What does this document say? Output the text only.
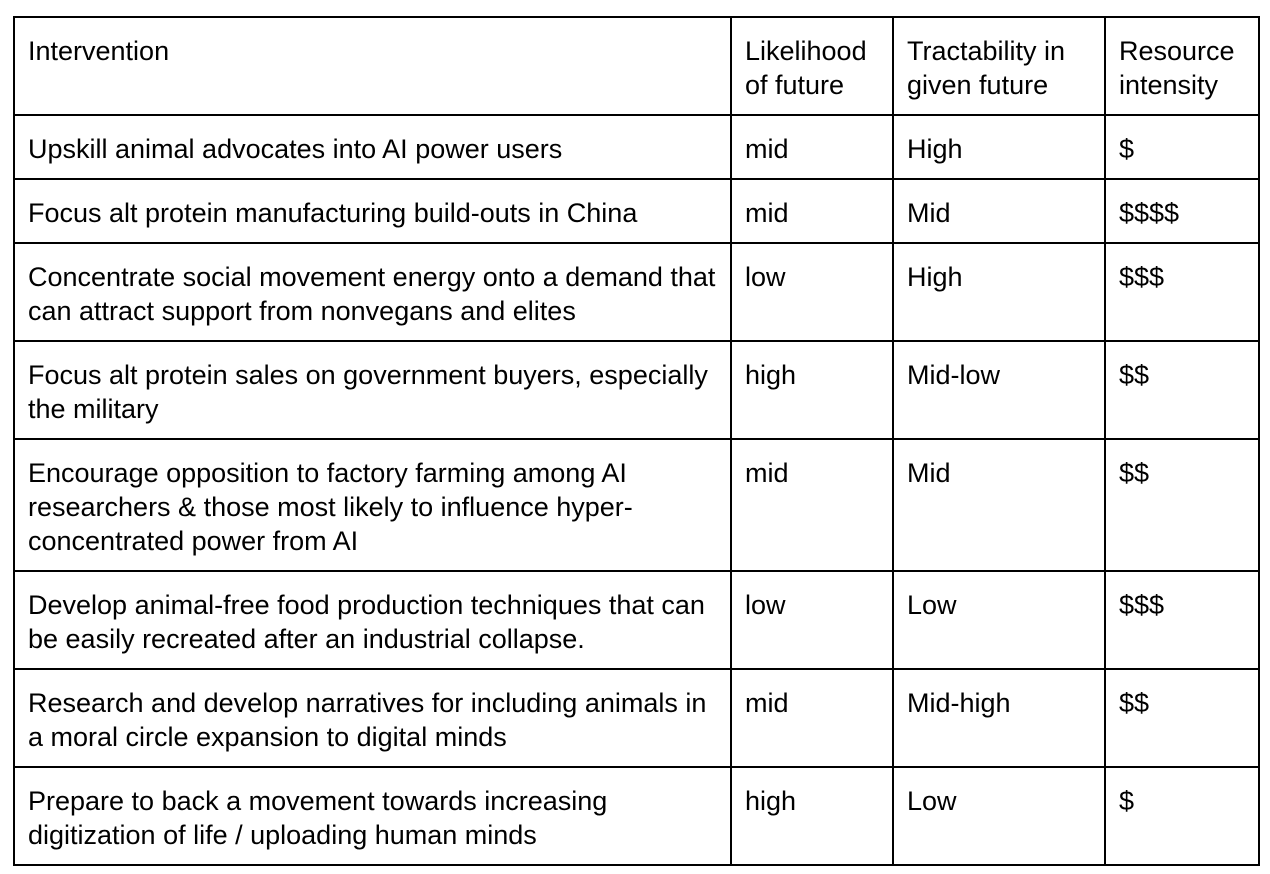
Intervention	Likelihood of future	Tractability in given future	Resource intensity
Upskill animal advocates into AI power users	mid	High	$
Focus alt protein manufacturing build-outs in China	mid	Mid	$$$$
Concentrate social movement energy onto a demand that can attract support from nonvegans and elites	low	High	$$$
Focus alt protein sales on government buyers, especially the military	high	Mid-low	$$
Encourage opposition to factory farming among AI researchers & those most likely to influence hyper-concentrated power from AI	mid	Mid	$$
Develop animal-free food production techniques that can be easily recreated after an industrial collapse.	low	Low	$$$
Research and develop narratives for including animals in a moral circle expansion to digital minds	mid	Mid-high	$$
Prepare to back a movement towards increasing digitization of life / uploading human minds	high	Low	$
